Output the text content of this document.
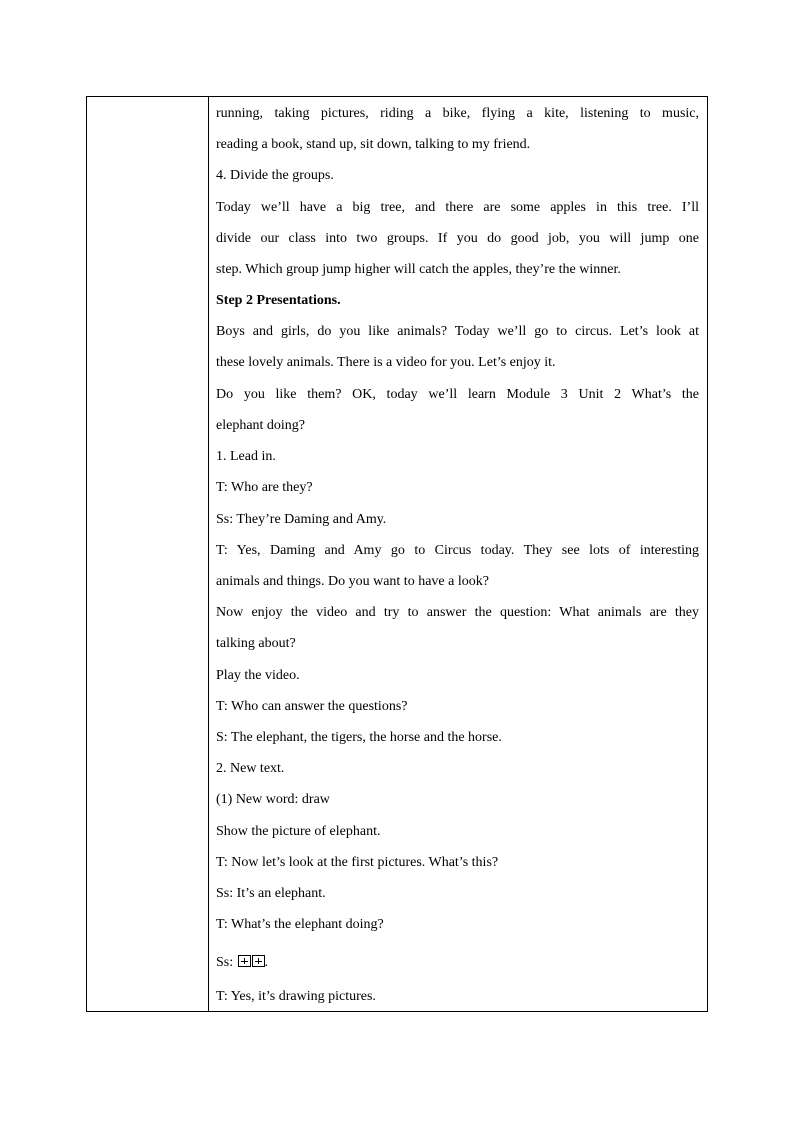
running, taking pictures, riding a bike, flying a kite, listening to music,
reading a book, stand up, sit down, talking to my friend.
4. Divide the groups.
Today we’ll have a big tree, and there are some apples in this tree. I’ll
divide our class into two groups. If you do good job, you will jump one
step. Which group jump higher will catch the apples, they’re the winner.
Step 2 Presentations.
Boys and girls, do you like animals? Today we’ll go to circus. Let’s look at
these lovely animals. There is a video for you. Let’s enjoy it.
Do you like them? OK, today we’ll learn Module 3 Unit 2 What’s the
elephant doing?
1. Lead in.
T: Who are they?
Ss: They’re Daming and Amy.
T: Yes, Daming and Amy go to Circus today. They see lots of interesting
animals and things. Do you want to have a look?
Now enjoy the video and try to answer the question: What animals are they
talking about?
Play the video.
T: Who can answer the questions?
S: The elephant, the tigers, the horse and the horse.
2. New text.
(1) New word: draw
Show the picture of elephant.
T: Now let’s look at the first pictures. What’s this?
Ss: It’s an elephant.
T: What’s the elephant doing?
Ss: .
T: Yes, it’s drawing pictures.
